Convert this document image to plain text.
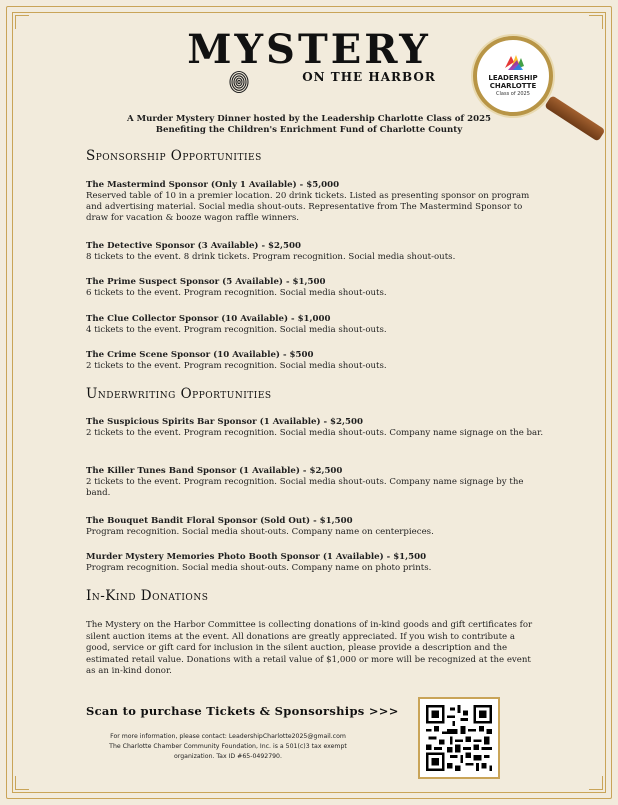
MYSTERY
ON THE HARBOR	LEADERSHIP
CHARLOTTE
Class of 2025
A Murder Mystery Dinner hosted by the Leadership Charlotte Class of 2025
Benefiting the Children's Enrichment Fund of Charlotte County
Sponsorship Opportunities
The Mastermind Sponsor (Only 1 Available) - $5,000
Reserved table of 10 in a premier location. 20 drink tickets. Listed as presenting sponsor on program and advertising material. Social media shout-outs. Representative from The Mastermind Sponsor to draw for vacation & booze wagon raffle winners.
The Detective Sponsor (3 Available) - $2,500
8 tickets to the event. 8 drink tickets. Program recognition. Social media shout-outs.
The Prime Suspect Sponsor (5 Available) - $1,500
6 tickets to the event. Program recognition. Social media shout-outs.
The Clue Collector Sponsor (10 Available) - $1,000
4 tickets to the event. Program recognition. Social media shout-outs.
The Crime Scene Sponsor (10 Available) - $500
2 tickets to the event. Program recognition. Social media shout-outs.
Underwriting Opportunities
The Suspicious Spirits Bar Sponsor (1 Available) - $2,500
2 tickets to the event. Program recognition. Social media shout-outs. Company name signage on the bar.
The Killer Tunes Band Sponsor (1 Available) - $2,500
2 tickets to the event. Program recognition. Social media shout-outs. Company name signage by the band.
The Bouquet Bandit Floral Sponsor (Sold Out) - $1,500
Program recognition. Social media shout-outs. Company name on centerpieces.
Murder Mystery Memories Photo Booth Sponsor (1 Available) - $1,500
Program recognition. Social media shout-outs. Company name on photo prints.
In-Kind Donations
The Mystery on the Harbor Committee is collecting donations of in-kind goods and gift certificates for silent auction items at the event. All donations are greatly appreciated. If you wish to contribute a good, service or gift card for inclusion in the silent auction, please provide a description and the estimated retail value. Donations with a retail value of $1,000 or more will be recognized at the event as an in-kind donor.
Scan to purchase Tickets & Sponsorships >>>
For more information, please contact: LeadershipCharlotte2025@gmail.com
The Charlotte Chamber Community Foundation, Inc. is a 501(c)3 tax exempt
organization. Tax ID #65-0492790.
